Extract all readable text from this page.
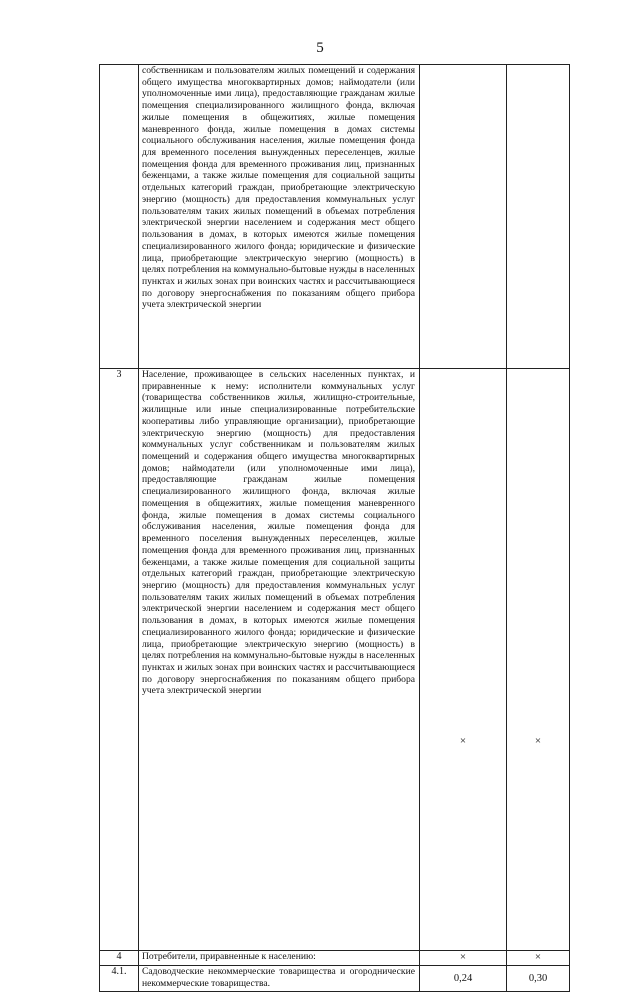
5

	собственникам и пользователям жилых помещений и содержания общего имущества многоквартирных домов; наймодатели (или уполномоченные ими лица), предоставляющие гражданам жилые помещения специализированного жилищного фонда, включая жилые помещения в общежитиях, жилые помещения маневренного фонда, жилые помещения в домах системы социального обслуживания населения, жилые помещения фонда для временного поселения вынужденных переселенцев, жилые помещения фонда для временного проживания лиц, признанных беженцами, а также жилые помещения для социальной защиты отдельных категорий граждан, приобретающие электрическую энергию (мощность) для предоставления коммунальных услуг пользователям таких жилых помещений в объемах потребления электрической энергии населением и содержания мест общего пользования в домах, в которых имеются жилые помещения специализированного жилого фонда; юридические и физические лица, приобретающие электрическую энергию (мощность) в целях потребления на коммунально-бытовые нужды в населенных пунктах и жилых зонах при воинских частях и рассчитывающиеся по договору энергоснабжения по показаниям общего прибора учета электрической энергии		

3	Население, проживающее в сельских населенных пунктах, и приравненные к нему: исполнители коммунальных услуг (товарищества собственников жилья, жилищно-строительные, жилищные или иные специализированные потребительские кооперативы либо управляющие организации), приобретающие электрическую энергию (мощность) для предоставления коммунальных услуг собственникам и пользователям жилых помещений и содержания общего имущества многоквартирных домов; наймодатели (или уполномоченные ими лица), предоставляющие гражданам жилые помещения специализированного жилищного фонда, включая жилые помещения в общежитиях, жилые помещения маневренного фонда, жилые помещения в домах системы социального обслуживания населения, жилые помещения фонда для временного поселения вынужденных переселенцев, жилые помещения фонда для временного проживания лиц, признанных беженцами, а также жилые помещения для социальной защиты отдельных категорий граждан, приобретающие электрическую энергию (мощность) для предоставления коммунальных услуг пользователям таких жилых помещений в объемах потребления электрической энергии населением и содержания мест общего пользования в домах, в которых имеются жилые помещения специализированного жилого фонда; юридические и физические лица, приобретающие электрическую энергию (мощность) в целях потребления на коммунально-бытовые нужды в населенных пунктах и жилых зонах при воинских частях и рассчитывающиеся по договору энергоснабжения по показаниям общего прибора учета электрической энергии	×	×
4	Потребители, приравненные к населению:	×	×
4.1.	Садоводческие некоммерческие товарищества и огороднические некоммерческие товарищества.	0,24	0,30
